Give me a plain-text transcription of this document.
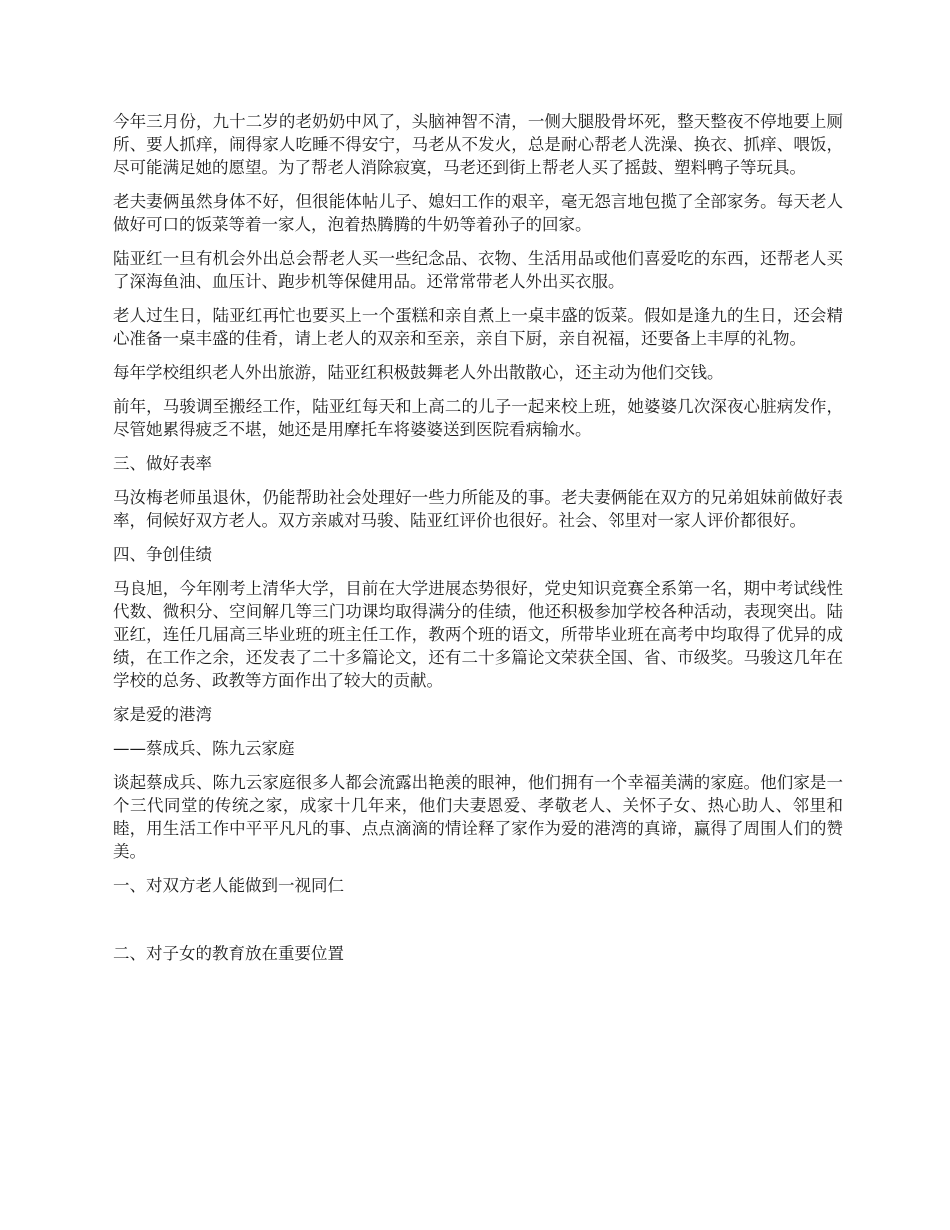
今年三月份，九十二岁的老奶奶中风了，头脑神智不清，一侧大腿股骨坏死，整天整夜不停地要上厕所、要人抓痒，闹得家人吃睡不得安宁，马老从不发火，总是耐心帮老人洗澡、换衣、抓痒、喂饭，尽可能满足她的愿望。为了帮老人消除寂寞，马老还到街上帮老人买了摇鼓、塑料鸭子等玩具。

老夫妻俩虽然身体不好，但很能体帖儿子、媳妇工作的艰辛，毫无怨言地包揽了全部家务。每天老人做好可口的饭菜等着一家人，泡着热腾腾的牛奶等着孙子的回家。

陆亚红一旦有机会外出总会帮老人买一些纪念品、衣物、生活用品或他们喜爱吃的东西，还帮老人买了深海鱼油、血压计、跑步机等保健用品。还常常带老人外出买衣服。

老人过生日，陆亚红再忙也要买上一个蛋糕和亲自煮上一桌丰盛的饭菜。假如是逢九的生日，还会精心准备一桌丰盛的佳肴，请上老人的双亲和至亲，亲自下厨，亲自祝福，还要备上丰厚的礼物。

每年学校组织老人外出旅游，陆亚红积极鼓舞老人外出散散心，还主动为他们交钱。

前年，马骏调至搬经工作，陆亚红每天和上高二的儿子一起来校上班，她婆婆几次深夜心脏病发作，尽管她累得疲乏不堪，她还是用摩托车将婆婆送到医院看病输水。

三、做好表率

马汝梅老师虽退休，仍能帮助社会处理好一些力所能及的事。老夫妻俩能在双方的兄弟姐妹前做好表率，伺候好双方老人。双方亲戚对马骏、陆亚红评价也很好。社会、邻里对一家人评价都很好。

四、争创佳绩

马良旭，今年刚考上清华大学，目前在大学进展态势很好，党史知识竞赛全系第一名，期中考试线性代数、微积分、空间解几等三门功课均取得满分的佳绩，他还积极参加学校各种活动，表现突出。陆亚红，连任几届高三毕业班的班主任工作，教两个班的语文，所带毕业班在高考中均取得了优异的成绩，在工作之余，还发表了二十多篇论文，还有二十多篇论文荣获全国、省、市级奖。马骏这几年在学校的总务、政教等方面作出了较大的贡献。

家是爱的港湾

——蔡成兵、陈九云家庭

谈起蔡成兵、陈九云家庭很多人都会流露出艳羡的眼神，他们拥有一个幸福美满的家庭。他们家是一个三代同堂的传统之家，成家十几年来，他们夫妻恩爱、孝敬老人、关怀子女、热心助人、邻里和睦，用生活工作中平平凡凡的事、点点滴滴的情诠释了家作为爱的港湾的真谛，赢得了周围人们的赞美。

一、对双方老人能做到一视同仁

二、对子女的教育放在重要位置
